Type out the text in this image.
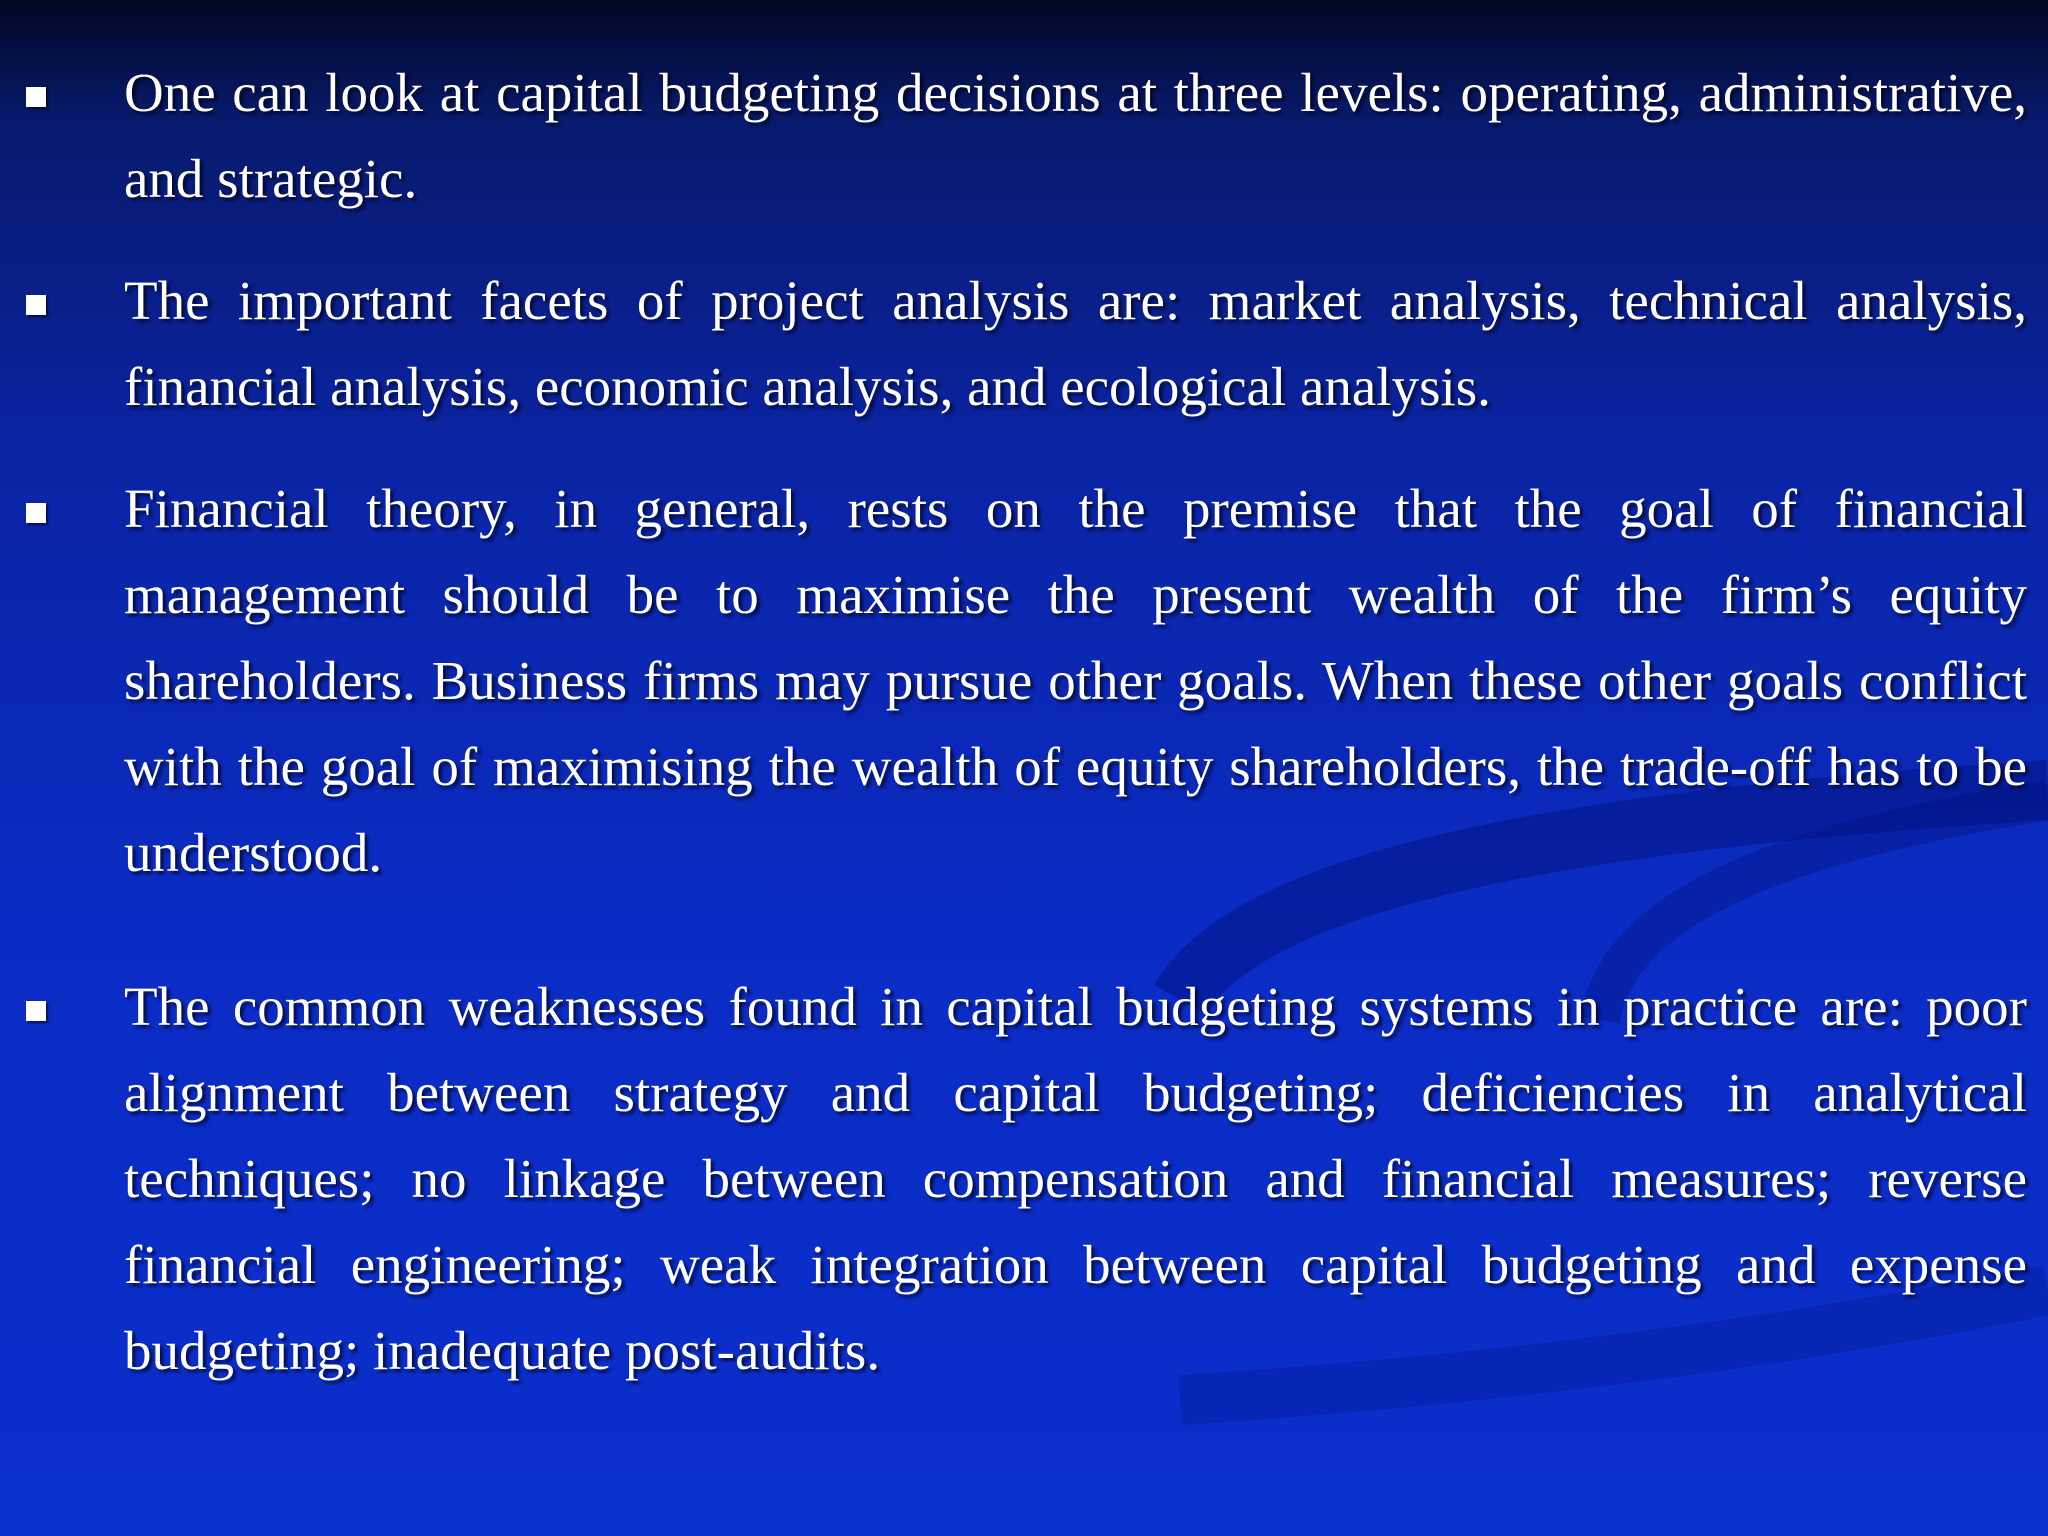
One can look at capital budgeting decisions at three levels: operating, administrative, and strategic.
The important facets of project analysis are: market analysis, technical analysis, financial analysis, economic analysis, and ecological analysis.
Financial theory, in general, rests on the premise that the goal of financial management should be to maximise the present wealth of the firm’s equity shareholders. Business firms may pursue other goals. When these other goals conflict with the goal of maximising the wealth of equity shareholders, the trade-off has to be understood.
The common weaknesses found in capital budgeting systems in practice are: poor alignment between strategy and capital budgeting; deficiencies in analytical techniques; no linkage between compensation and financial measures; reverse financial engineering; weak integration between capital budgeting and expense budgeting; inadequate post-audits.
